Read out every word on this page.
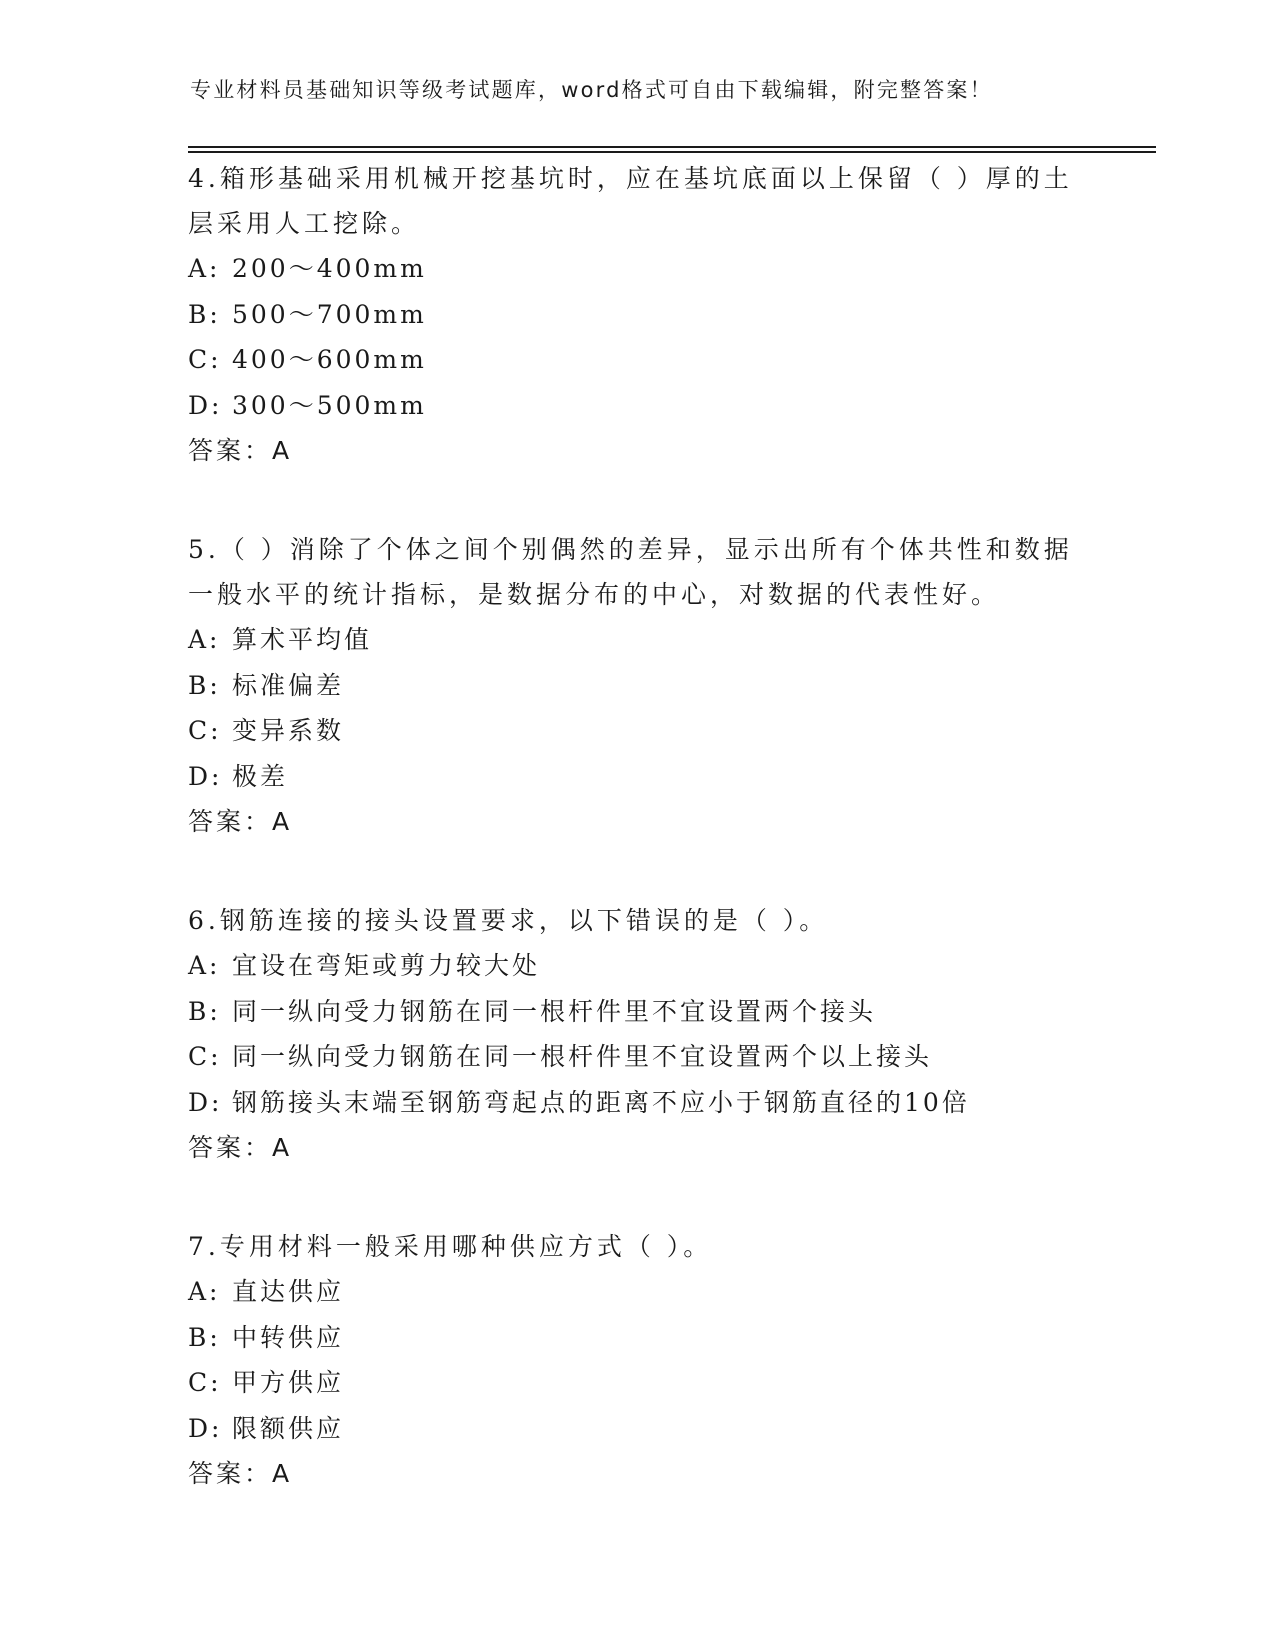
专业材料员基础知识等级考试题库，word格式可自由下载编辑，附完整答案！

4.箱形基础采用机械开挖基坑时，应在基坑底面以上保留（ ）厚的土层采用人工挖除。

A: 200～400mm

B: 500～700mm

C: 400～600mm

D: 300～500mm

答案：A

5.（ ）消除了个体之间个别偶然的差异，显示出所有个体共性和数据一般水平的统计指标，是数据分布的中心，对数据的代表性好。

A: 算术平均值

B: 标准偏差

C: 变异系数

D: 极差

答案：A

6.钢筋连接的接头设置要求，以下错误的是（ ）。

A: 宜设在弯矩或剪力较大处

B: 同一纵向受力钢筋在同一根杆件里不宜设置两个接头

C: 同一纵向受力钢筋在同一根杆件里不宜设置两个以上接头

D: 钢筋接头末端至钢筋弯起点的距离不应小于钢筋直径的10倍

答案：A

7.专用材料一般采用哪种供应方式（ ）。

A: 直达供应

B: 中转供应

C: 甲方供应

D: 限额供应

答案：A
